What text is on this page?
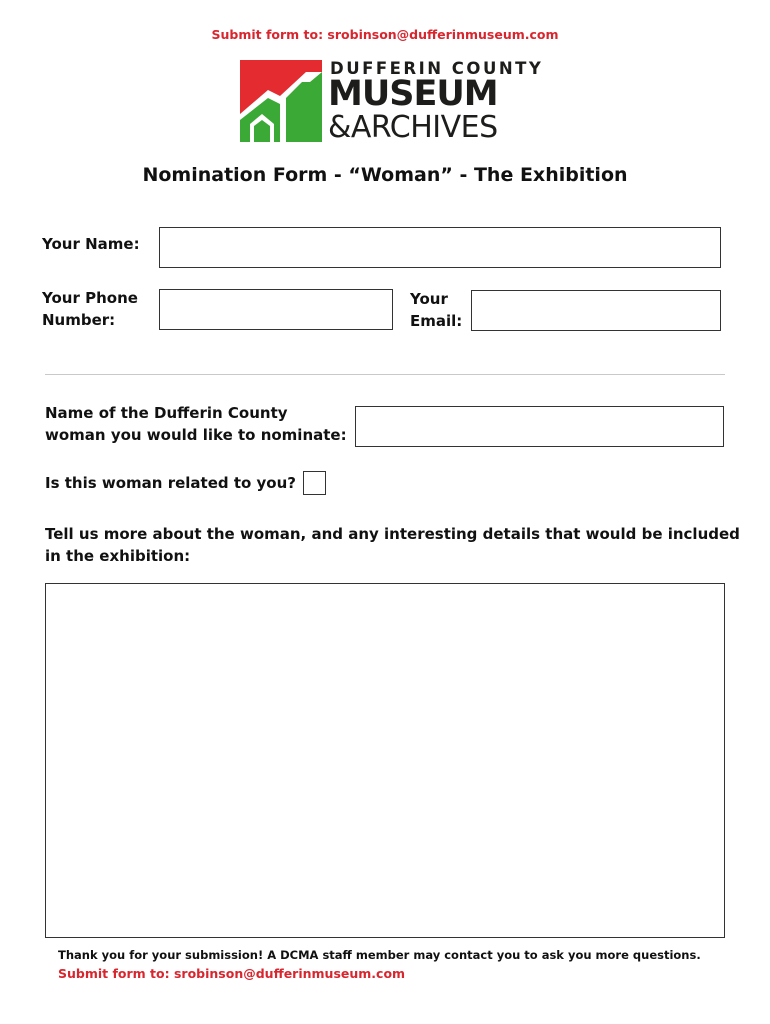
Submit form to: srobinson@dufferinmuseum.com
DUFFERIN COUNTY
MUSEUM
&ARCHIVES
Nomination Form - “Woman” - The Exhibition
Your Name:
Your Phone
Number:
Your
Email:
Name of the Dufferin County
woman you would like to nominate:
Is this woman related to you?
Tell us more about the woman, and any interesting details that would be included
in the exhibition:
Thank you for your submission! A DCMA staff member may contact you to ask you more questions.
Submit form to: srobinson@dufferinmuseum.com
